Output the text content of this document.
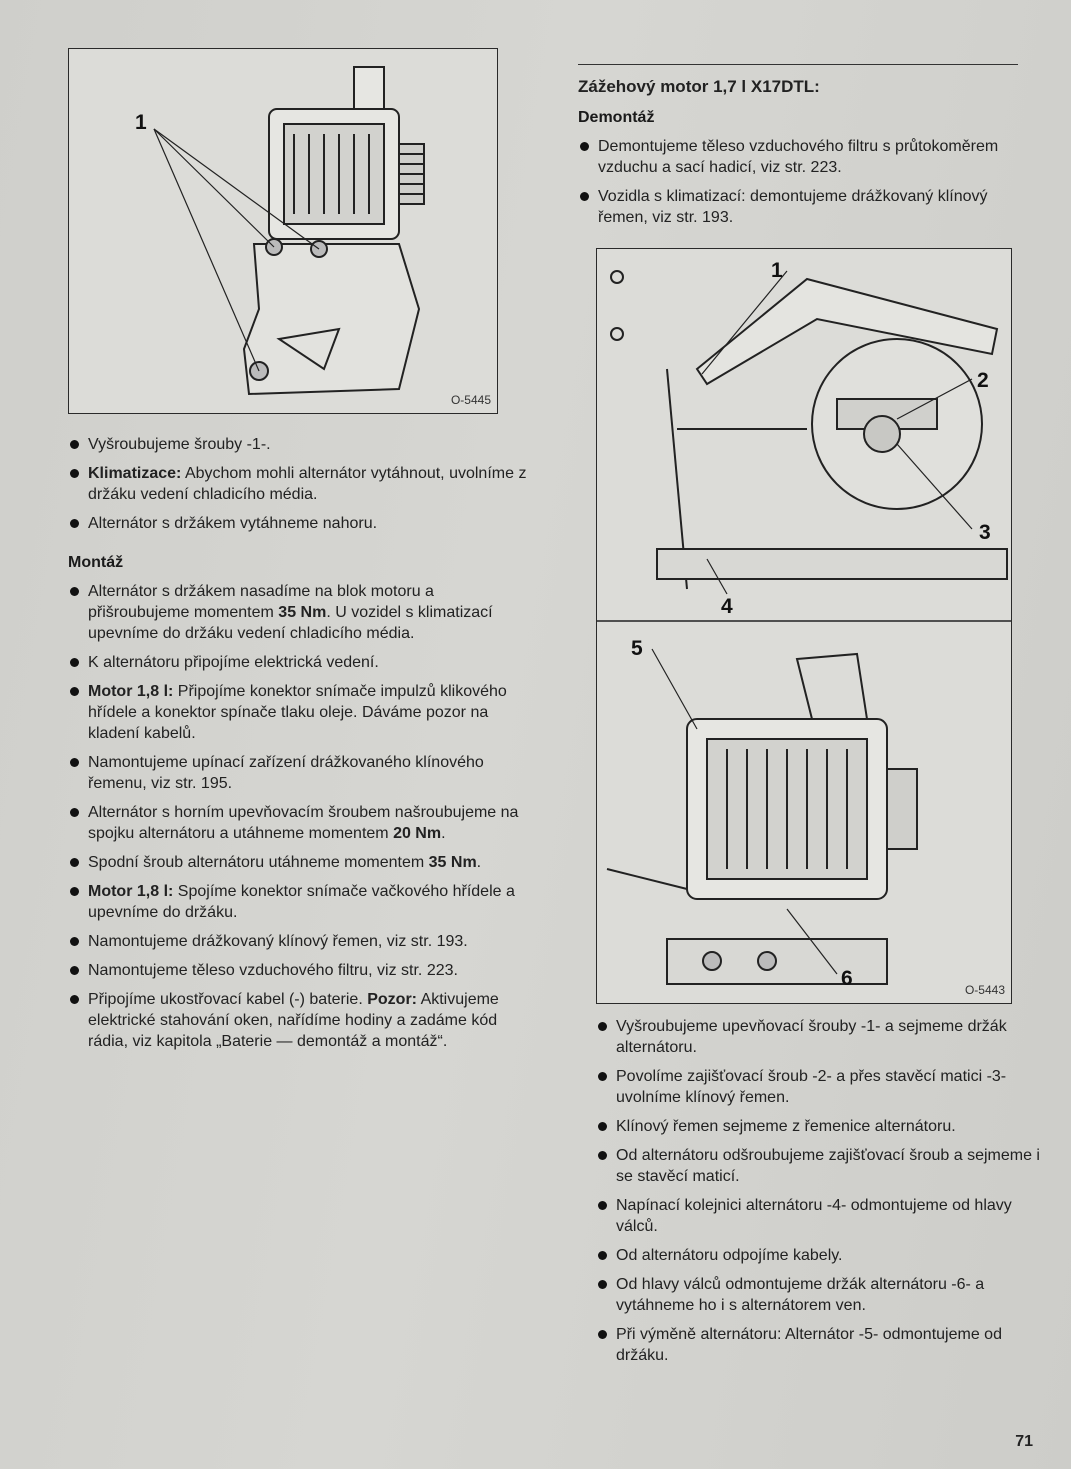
1
O-5445
Vyšroubujeme šrouby -1-.
Klimatizace: Abychom mohli alternátor vytáhnout, uvolníme z držáku vedení chladicího média.
Alternátor s držákem vytáhneme nahoru.
Montáž
Alternátor s držákem nasadíme na blok motoru a přišroubujeme momentem 35 Nm. U vozidel s klimatizací upevníme do držáku vedení chladicího média.
K alternátoru připojíme elektrická vedení.
Motor 1,8 l: Připojíme konektor snímače impulzů klikového hřídele a konektor spínače tlaku oleje. Dáváme pozor na kladení kabelů.
Namontujeme upínací zařízení drážkovaného klínového řemenu, viz str. 195.
Alternátor s horním upevňovacím šroubem našroubujeme na spojku alternátoru a utáhneme momentem 20 Nm.
Spodní šroub alternátoru utáhneme momentem 35 Nm.
Motor 1,8 l: Spojíme konektor snímače vačkového hřídele a upevníme do držáku.
Namontujeme drážkovaný klínový řemen, viz str. 193.
Namontujeme těleso vzduchového filtru, viz str. 223.
Připojíme ukostřovací kabel (-) baterie. Pozor: Aktivujeme elektrické stahování oken, nařídíme hodiny a zadáme kód rádia, viz kapitola „Baterie — demontáž a montáž“.
Zážehový motor 1,7 l X17DTL:
Demontáž
Demontujeme těleso vzduchového filtru s průtokoměrem vzduchu a sací hadicí, viz str. 223.
Vozidla s klimatizací: demontujeme drážkovaný klínový řemen, viz str. 193.
1
2
3
4
5
6	O-5443
Vyšroubujeme upevňovací šrouby -1- a sejmeme držák alternátoru.
Povolíme zajišťovací šroub -2- a přes stavěcí matici -3- uvolníme klínový řemen.
Klínový řemen sejmeme z řemenice alternátoru.
Od alternátoru odšroubujeme zajišťovací šroub a sejmeme i se stavěcí maticí.
Napínací kolejnici alternátoru -4- odmontujeme od hlavy válců.
Od alternátoru odpojíme kabely.
Od hlavy válců odmontujeme držák alternátoru -6- a vytáhneme ho i s alternátorem ven.
Při výměně alternátoru: Alternátor -5- odmontujeme od držáku.
71
